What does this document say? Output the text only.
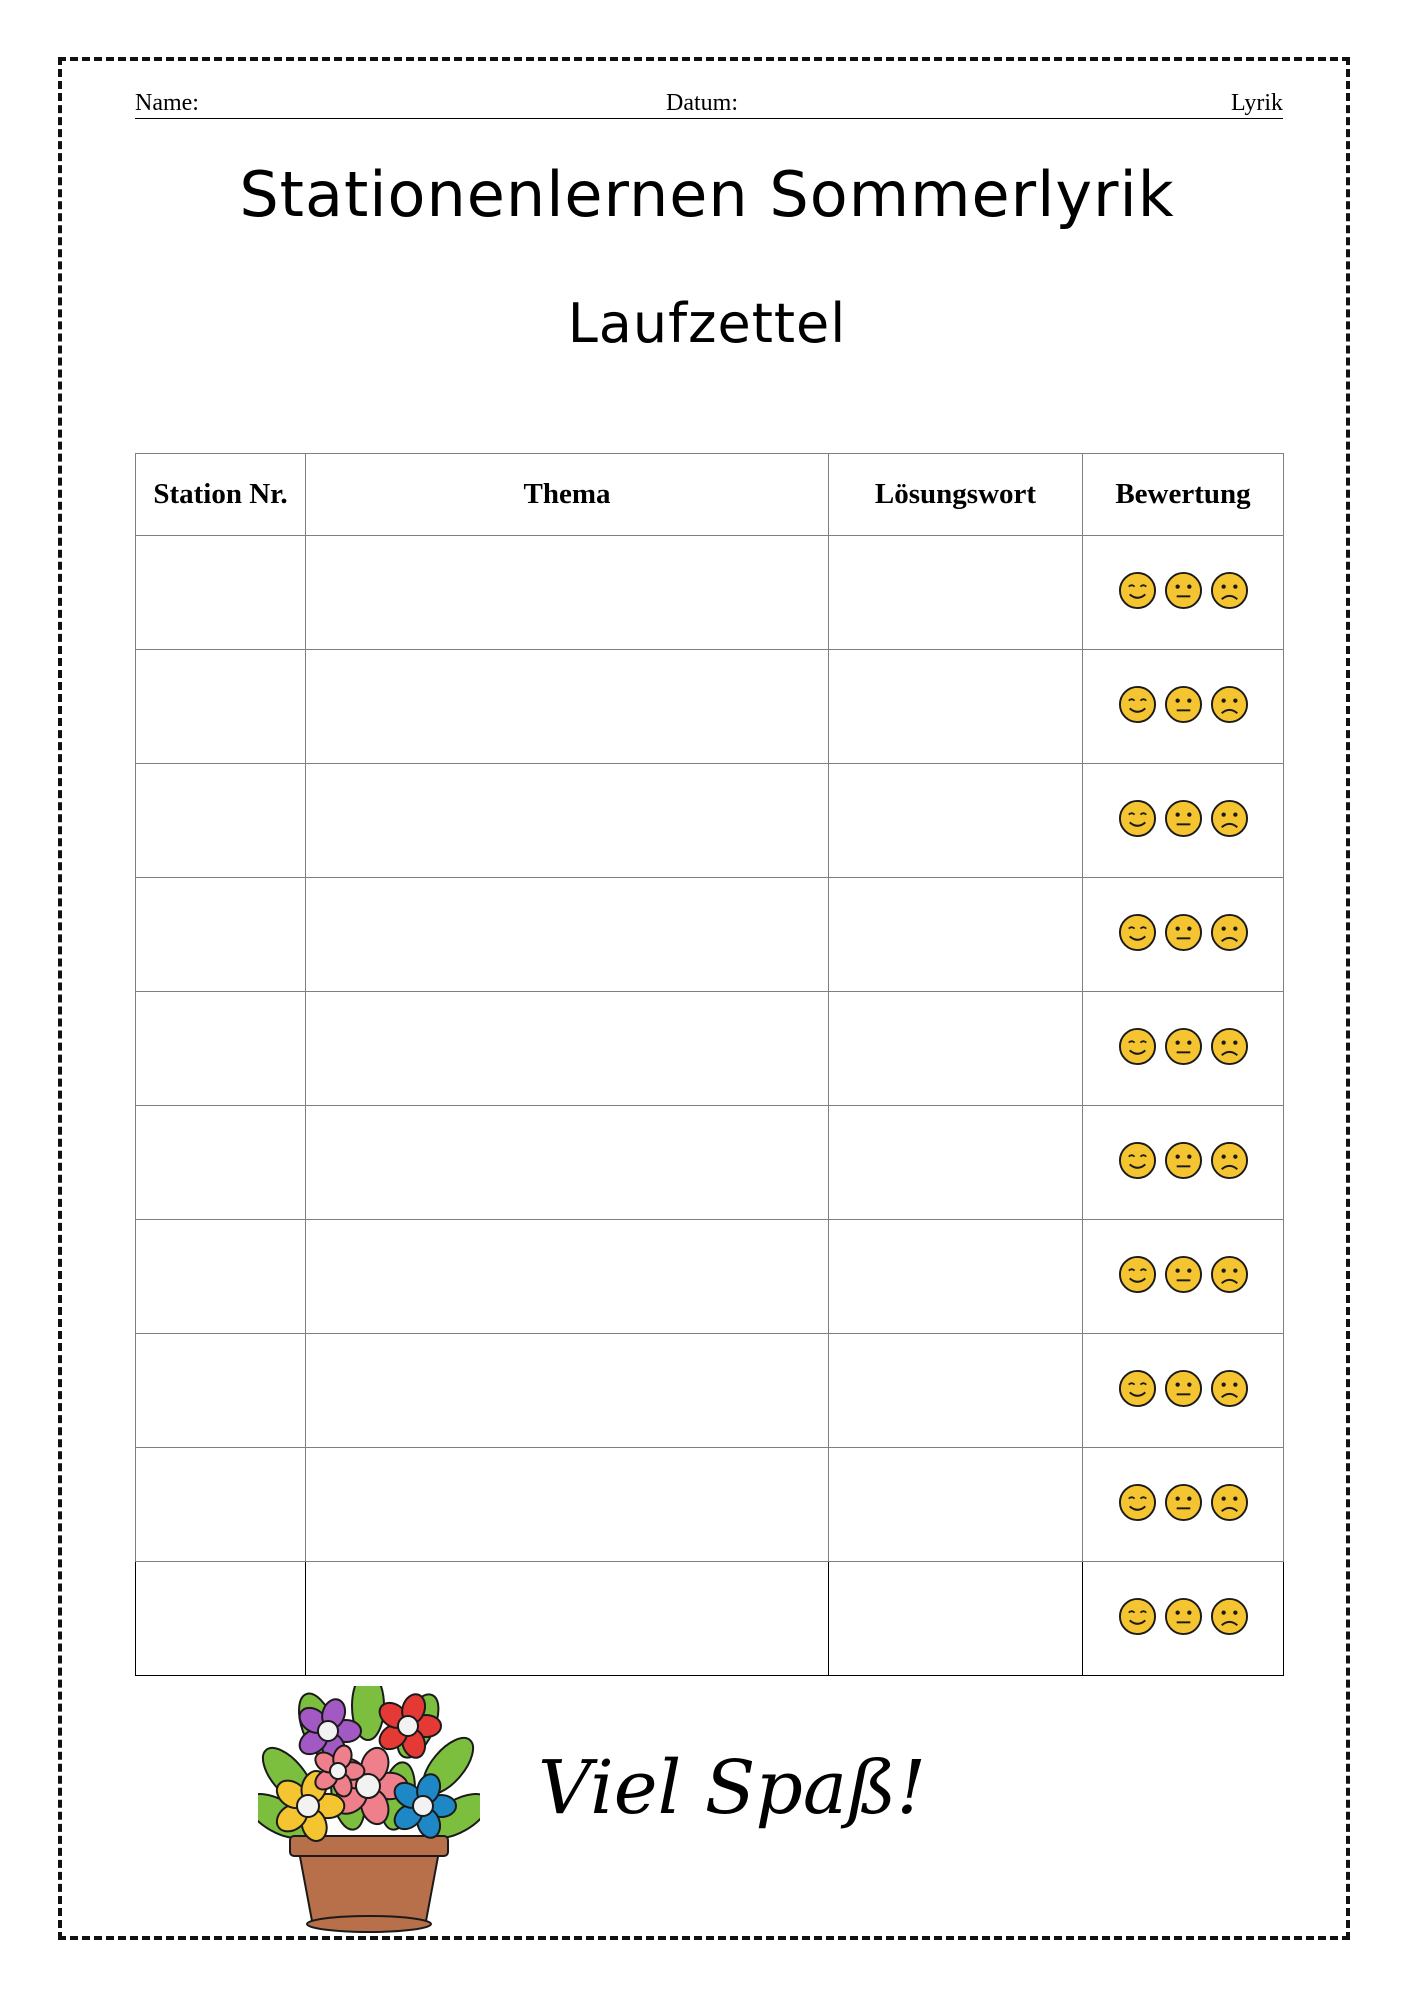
Name:	Datum:	Lyrik
Stationenlernen Sommerlyrik
Laufzettel
Station Nr.	Thema	Lösungswort	Bewertung

Viel Spaß!
